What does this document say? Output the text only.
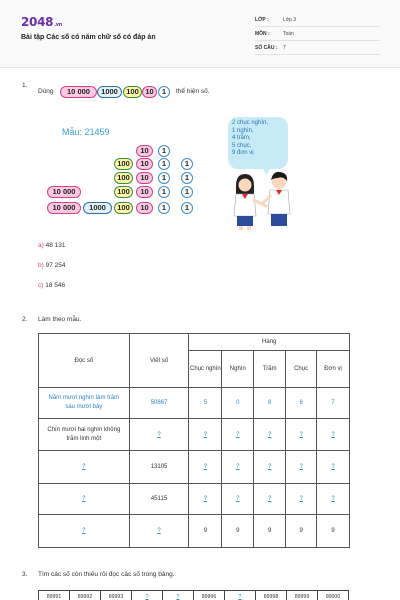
2048.vn
Bài tập Các số có năm chữ số có đáp án
LỚP :	Lớp 3
MÔN :	Toán
SỐ CÂU : 7
1.
Dùng	10 000	1000	100 10	1	thể hiện số.
Mẫu: 21459
10 000
10 000	1000
100
100
100
100
10
10
10
10
10
1
1
1
1
1
1
1
1
1
2 chục nghìn,
1 nghìn,
4 trăm,
5 chục,
9 đơn vị
a) 48 131
b) 97 254
c) 18 546
2. Làm theo mẫu.
Đọc số	Viết số	Hàng				
		Chục nghìn	Nghìn	Trăm	Chục	Đơn vị
Năm mươi nghìn tám trăm sáu mươi bảy	50867	5	0	8	6	7
Chín mươi hai nghìn không trăm linh một	?	?	?	?	?	?
?	13105	?	?	?	?	?
?	45115	?	?	?	?	?
?	?	9	9	9	9	9
3. Tìm các số còn thiếu rồi đọc các số trong bảng.
89991	89992	89993	?	?	89996	?	89998	89999	90000
